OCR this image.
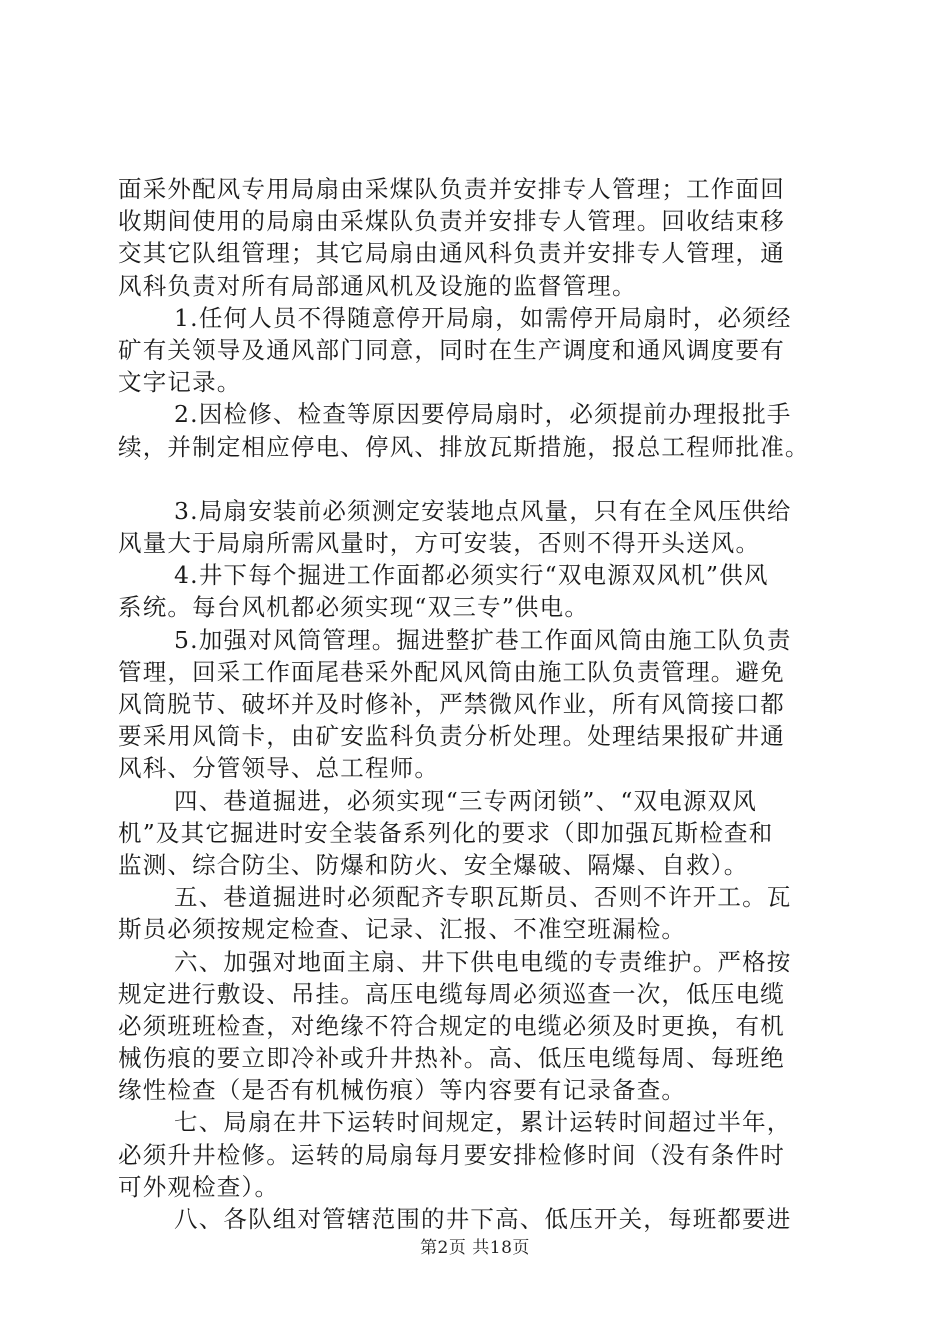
面采外配风专用局扇由采煤队负责并安排专人管理；工作面回
收期间使用的局扇由采煤队负责并安排专人管理。回收结束移
交其它队组管理；其它局扇由通风科负责并安排专人管理，通
风科负责对所有局部通风机及设施的监督管理。
1.任何人员不得随意停开局扇，如需停开局扇时，必须经
矿有关领导及通风部门同意，同时在生产调度和通风调度要有
文字记录。
2.因检修、检查等原因要停局扇时，必须提前办理报批手
续，并制定相应停电、停风、排放瓦斯措施，报总工程师批准。
3.局扇安装前必须测定安装地点风量，只有在全风压供给
风量大于局扇所需风量时，方可安装，否则不得开头送风。
4.井下每个掘进工作面都必须实行“双电源双风机”供风
系统。每台风机都必须实现“双三专”供电。
5.加强对风筒管理。掘进整扩巷工作面风筒由施工队负责
管理，回采工作面尾巷采外配风风筒由施工队负责管理。避免
风筒脱节、破坏并及时修补，严禁微风作业，所有风筒接口都
要采用风筒卡，由矿安监科负责分析处理。处理结果报矿井通
风科、分管领导、总工程师。
四、巷道掘进，必须实现“三专两闭锁”、“双电源双风
机”及其它掘进时安全装备系列化的要求（即加强瓦斯检查和
监测、综合防尘、防爆和防火、安全爆破、隔爆、自救）。
五、巷道掘进时必须配齐专职瓦斯员、否则不许开工。瓦
斯员必须按规定检查、记录、汇报、不准空班漏检。
六、加强对地面主扇、井下供电电缆的专责维护。严格按
规定进行敷设、吊挂。高压电缆每周必须巡查一次，低压电缆
必须班班检查，对绝缘不符合规定的电缆必须及时更换，有机
械伤痕的要立即冷补或升井热补。高、低压电缆每周、每班绝
缘性检查（是否有机械伤痕）等内容要有记录备查。
七、局扇在井下运转时间规定，累计运转时间超过半年，
必须升井检修。运转的局扇每月要安排检修时间（没有条件时
可外观检查）。
八、各队组对管辖范围的井下高、低压开关，每班都要进
第2页 共18页
